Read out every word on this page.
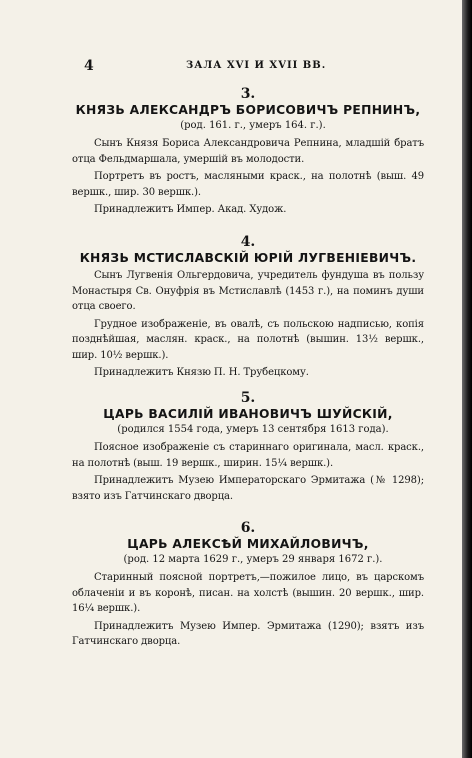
4	ЗАЛА XVI И XVII ВВ.
3.
КНЯЗЬ АЛЕКСАНДРЪ БОРИСОВИЧЪ РЕПНИНЪ,
(род. 161. г., умеръ 164. г.).
Сынъ Князя Бориса Александровича Репнина, младшій братъ отца Фельдмаршала, умершій въ молодости.
Портретъ въ ростъ, масляными краск., на полотнѣ (выш. 49 вершк., шир. 30 вершк.).
Принадлежитъ Импер. Акад. Худож.
4.
КНЯЗЬ МСТИСЛАВСКІЙ ЮРІЙ ЛУГВЕНІЕВИЧЪ.
Сынъ Лугвенія Ольгердовича, учредитель фундуша въ пользу Монастыря Св. Онуфрія въ Мстиславлѣ (1453 г.), на поминъ души отца своего.
Грудное изображеніе, въ овалѣ, съ польскою надписью, копія позднѣйшая, маслян. краск., на полотнѣ (вышин. 13½ вершк., шир. 10½ вершк.).
Принадлежитъ Князю П. Н. Трубецкому.
5.
ЦАРЬ ВАСИЛІЙ ИВАНОВИЧЪ ШУЙСКІЙ,
(родился 1554 года, умеръ 13 сентября 1613 года).
Поясное изображеніе съ стариннаго оригинала, масл. краск., на полотнѣ (выш. 19 вершк., ширин. 15¼ вершк.).
Принадлежитъ Музею Императорскаго Эрмитажа (№ 1298); взято изъ Гатчинскаго дворца.
6.
ЦАРЬ АЛЕКСѢЙ МИХАЙЛОВИЧЪ,
(род. 12 марта 1629 г., умеръ 29 января 1672 г.).
Старинный поясной портретъ,—пожилое лицо, въ царскомъ облаченіи и въ коронѣ, писан. на холстѣ (вышин. 20 вершк., шир. 16¼ вершк.).
Принадлежитъ Музею Импер. Эрмитажа (1290); взятъ изъ Гатчинскаго дворца.
